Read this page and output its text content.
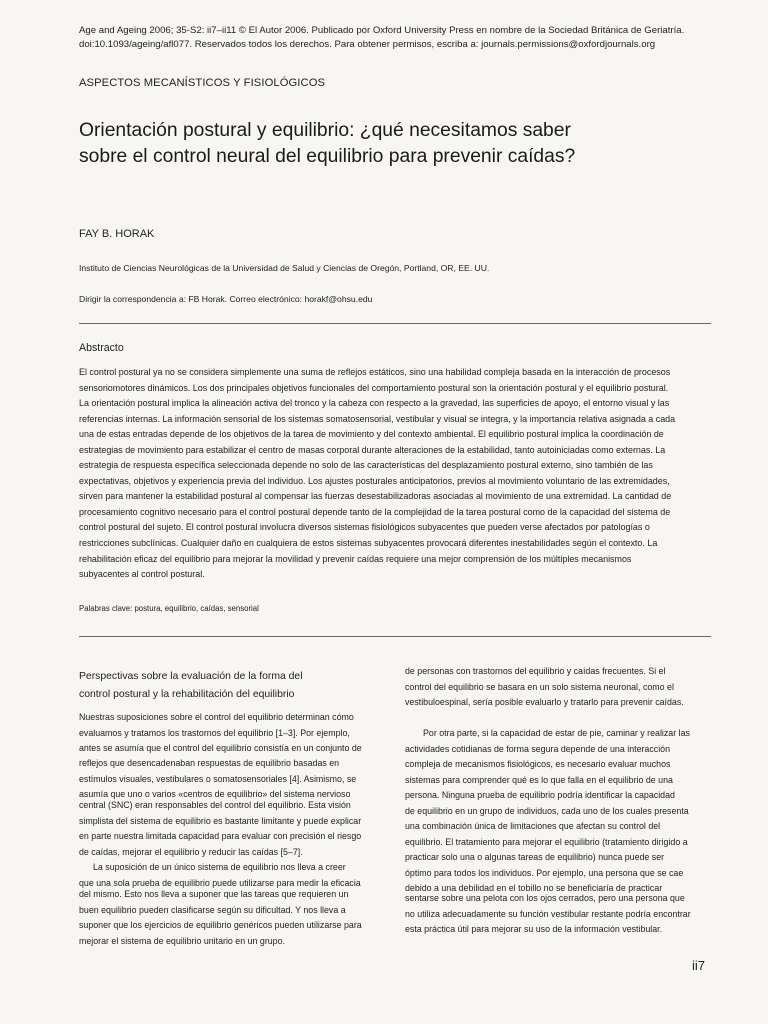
Age and Ageing 2006; 35-S2: ii7–ii11 © El Autor 2006. Publicado por Oxford University Press en nombre de la Sociedad Británica de Geriatría.
doi:10.1093/ageing/afl077. Reservados todos los derechos. Para obtener permisos, escriba a: journals.permissions@oxfordjournals.org
ASPECTOS MECANÍSTICOS Y FISIOLÓGICOS
Orientación postural y equilibrio: ¿qué necesitamos saber
sobre el control neural del equilibrio para prevenir caídas?
FAY B. HORAK
Instituto de Ciencias Neurológicas de la Universidad de Salud y Ciencias de Oregón, Portland, OR, EE. UU.
Dirigir la correspondencia a: FB Horak. Correo electrónico: horakf@ohsu.edu
Abstracto
El control postural ya no se considera simplemente una suma de reflejos estáticos, sino una habilidad compleja basada en la interacción de procesos
sensoriomotores dinámicos. Los dos principales objetivos funcionales del comportamiento postural son la orientación postural y el equilibrio postural.
La orientación postural implica la alineación activa del tronco y la cabeza con respecto a la gravedad, las superficies de apoyo, el entorno visual y las
referencias internas. La información sensorial de los sistemas somatosensorial, vestibular y visual se integra, y la importancia relativa asignada a cada
una de estas entradas depende de los objetivos de la tarea de movimiento y del contexto ambiental. El equilibrio postural implica la coordinación de
estrategias de movimiento para estabilizar el centro de masas corporal durante alteraciones de la estabilidad, tanto autoiniciadas como externas. La
estrategia de respuesta específica seleccionada depende no solo de las características del desplazamiento postural externo, sino también de las
expectativas, objetivos y experiencia previa del individuo. Los ajustes posturales anticipatorios, previos al movimiento voluntario de las extremidades,
sirven para mantener la estabilidad postural al compensar las fuerzas desestabilizadoras asociadas al movimiento de una extremidad. La cantidad de
procesamiento cognitivo necesario para el control postural depende tanto de la complejidad de la tarea postural como de la capacidad del sistema de
control postural del sujeto. El control postural involucra diversos sistemas fisiológicos subyacentes que pueden verse afectados por patologías o
restricciones subclínicas. Cualquier daño en cualquiera de estos sistemas subyacentes provocará diferentes inestabilidades según el contexto. La
rehabilitación eficaz del equilibrio para mejorar la movilidad y prevenir caídas requiere una mejor comprensión de los múltiples mecanismos
subyacentes al control postural.
Palabras clave: postura, equilibrio, caídas, sensorial
Perspectivas sobre la evaluación de la forma del
control postural y la rehabilitación del equilibrio
Nuestras suposiciones sobre el control del equilibrio determinan cómo
evaluamos y tratamos los trastornos del equilibrio [1–3]. Por ejemplo,
antes se asumía que el control del equilibrio consistía en un conjunto de
reflejos que desencadenaban respuestas de equilibrio basadas en
estímulos visuales, vestibulares o somatosensoriales [4]. Asimismo, se
asumía que uno o varios «centros de equilibrio» del sistema nervioso
central (SNC) eran responsables del control del equilibrio. Esta visión
simplista del sistema de equilibrio es bastante limitante y puede explicar
en parte nuestra limitada capacidad para evaluar con precisión el riesgo
de caídas, mejorar el equilibrio y reducir las caídas [5–7].
La suposición de un único sistema de equilibrio nos lleva a creer
que una sola prueba de equilibrio puede utilizarse para medir la eficacia
del mismo. Esto nos lleva a suponer que las tareas que requieren un
buen equilibrio pueden clasificarse según su dificultad. Y nos lleva a
suponer que los ejercicios de equilibrio genéricos pueden utilizarse para
mejorar el sistema de equilibrio unitario en un grupo.
de personas con trastornos del equilibrio y caídas frecuentes. Si el
control del equilibrio se basara en un solo sistema neuronal, como el
vestibuloespinal, sería posible evaluarlo y tratarlo para prevenir caídas.
Por otra parte, si la capacidad de estar de pie, caminar y realizar las
actividades cotidianas de forma segura depende de una interacción
compleja de mecanismos fisiológicos, es necesario evaluar muchos
sistemas para comprender qué es lo que falla en el equilibrio de una
persona. Ninguna prueba de equilibrio podría identificar la capacidad
de equilibrio en un grupo de individuos, cada uno de los cuales presenta
una combinación única de limitaciones que afectan su control del
equilibrio. El tratamiento para mejorar el equilibrio (tratamiento dirigido a
practicar solo una o algunas tareas de equilibrio) nunca puede ser
óptimo para todos los individuos. Por ejemplo, una persona que se cae
debido a una debilidad en el tobillo no se beneficiaría de practicar
sentarse sobre una pelota con los ojos cerrados, pero una persona que
no utiliza adecuadamente su función vestibular restante podría encontrar
esta práctica útil para mejorar su uso de la información vestibular.
ii7
